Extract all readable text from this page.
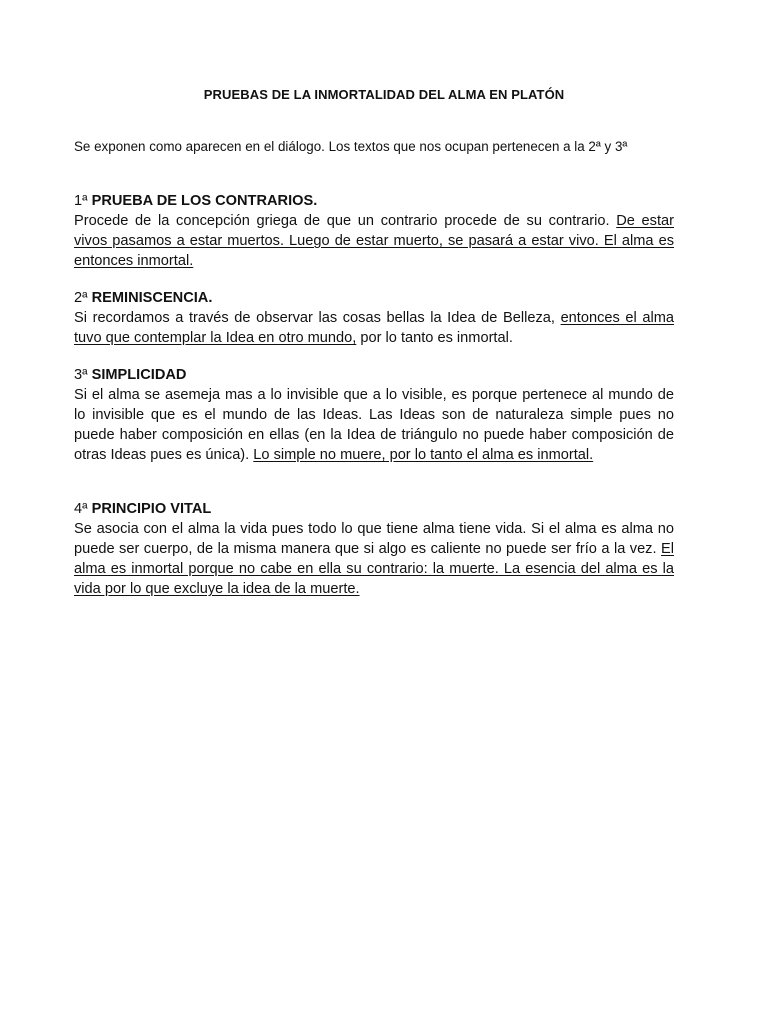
PRUEBAS DE LA INMORTALIDAD DEL ALMA EN PLATÓN
Se exponen como aparecen en el diálogo. Los textos que nos ocupan pertenecen a la 2ª y 3ª
1ª PRUEBA DE LOS CONTRARIOS.

Procede de la concepción griega de que un contrario procede de su contrario. De estar vivos pasamos a estar muertos. Luego de estar muerto, se pasará a estar vivo. El alma es entonces inmortal.

2ª REMINISCENCIA.

Si recordamos a través de observar las cosas bellas la Idea de Belleza, entonces el alma tuvo que contemplar la Idea en otro mundo, por lo tanto es inmortal.

3ª SIMPLICIDAD

Si el alma se asemeja mas a lo invisible que a lo visible, es porque pertenece al mundo de lo invisible que es el mundo de las Ideas. Las Ideas son de naturaleza simple pues no puede haber composición en ellas (en la Idea de triángulo no puede haber composición de otras Ideas pues es única). Lo simple no muere, por lo tanto el alma es inmortal.

4ª PRINCIPIO VITAL

Se asocia con el alma la vida pues todo lo que tiene alma tiene vida. Si el alma es alma no puede ser cuerpo, de la misma manera que si algo es caliente no puede ser frío a la vez. El alma es inmortal porque no cabe en ella su contrario: la muerte. La esencia del alma es la vida por lo que excluye la idea de la muerte.
